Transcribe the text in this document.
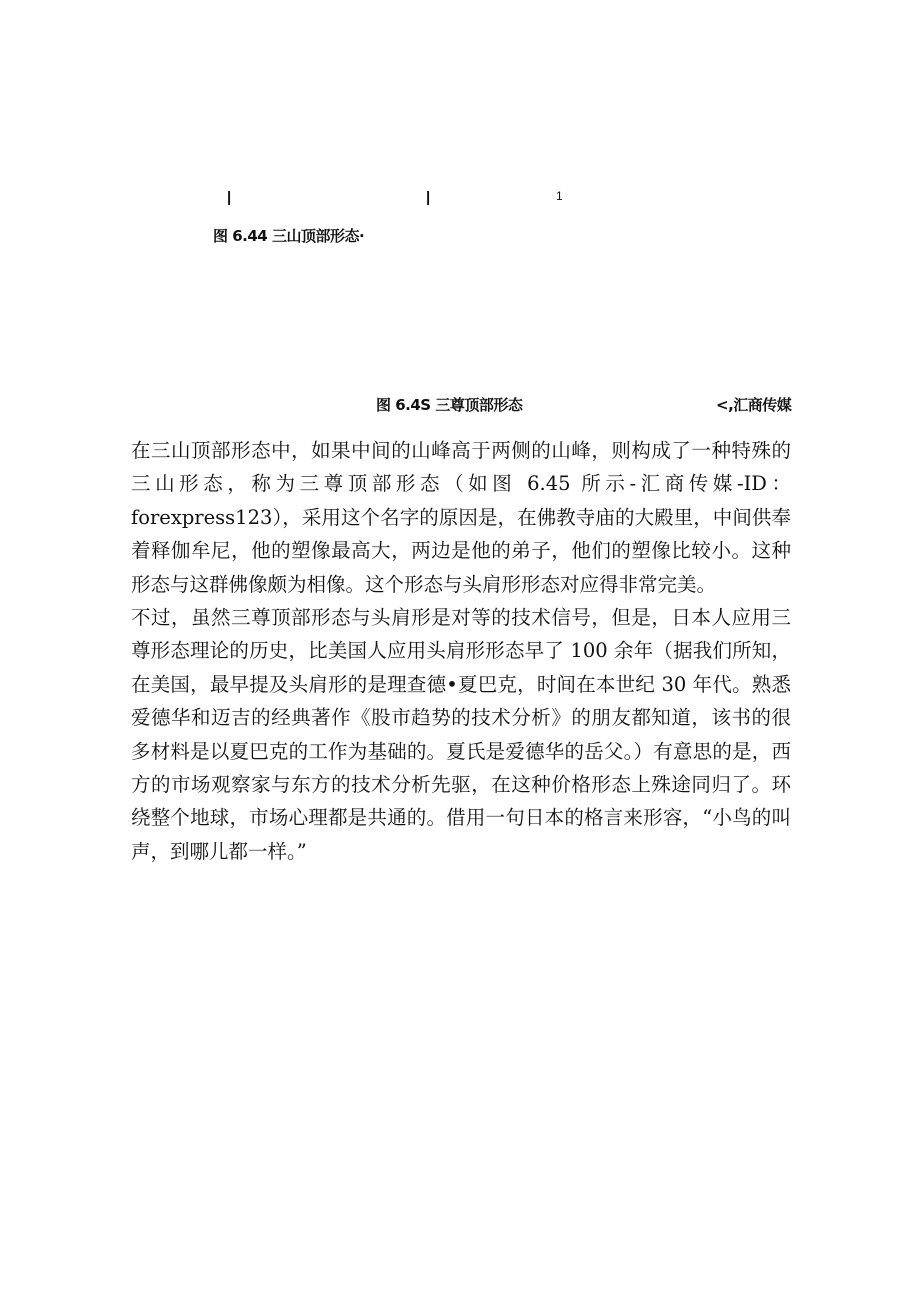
|	|	1
图 6.44 三山顶部形态·
图 6.4S 三尊顶部形态	<,汇商传媒

在三山顶部形态中，如果中间的山峰高于两侧的山峰，则构成了一种特殊的三山形态，称为三尊顶部形态（如图 6.45 所示-汇商传媒-ID：forexpress123），采用这个名字的原因是，在佛教寺庙的大殿里，中间供奉着释伽牟尼，他的塑像最高大，两边是他的弟子，他们的塑像比较小。这种形态与这群佛像颇为相像。这个形态与头肩形形态对应得非常完美。

不过，虽然三尊顶部形态与头肩形是对等的技术信号，但是，日本人应用三尊形态理论的历史，比美国人应用头肩形形态早了 100 余年（据我们所知，在美国，最早提及头肩形的是理查德•夏巴克，时间在本世纪 30 年代。熟悉爱德华和迈吉的经典著作《股市趋势的技术分析》的朋友都知道，该书的很多材料是以夏巴克的工作为基础的。夏氏是爱德华的岳父。）有意思的是，西方的市场观察家与东方的技术分析先驱，在这种价格形态上殊途同归了。环绕整个地球，市场心理都是共通的。借用一句日本的格言来形容，“小鸟的叫声，到哪儿都一样。”
